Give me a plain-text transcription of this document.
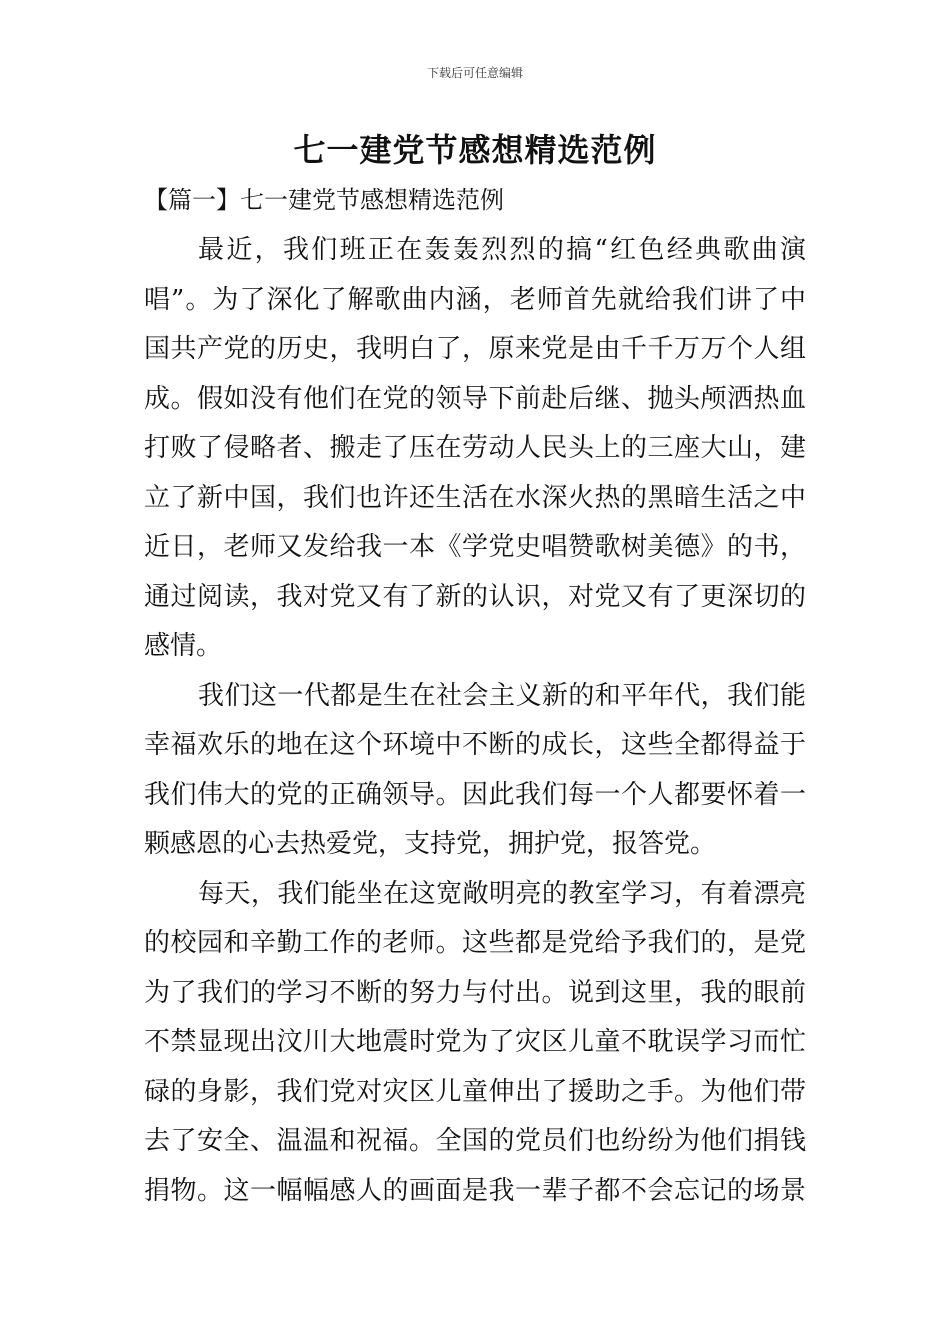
下载后可任意编辑
七一建党节感想精选范例
【篇一】七一建党节感想精选范例
最近，我们班正在轰轰烈烈的搞“红色经典歌曲演
唱”。为了深化了解歌曲内涵，老师首先就给我们讲了中
国共产党的历史，我明白了，原来党是由千千万万个人组
成。假如没有他们在党的领导下前赴后继、抛头颅洒热血
打败了侵略者、搬走了压在劳动人民头上的三座大山，建
立了新中国，我们也许还生活在水深火热的黑暗生活之中
近日，老师又发给我一本《学党史唱赞歌树美德》的书，
通过阅读，我对党又有了新的认识，对党又有了更深切的
感情。
我们这一代都是生在社会主义新的和平年代，我们能
幸福欢乐的地在这个环境中不断的成长，这些全都得益于
我们伟大的党的正确领导。因此我们每一个人都要怀着一
颗感恩的心去热爱党，支持党，拥护党，报答党。
每天，我们能坐在这宽敞明亮的教室学习，有着漂亮
的校园和辛勤工作的老师。这些都是党给予我们的，是党
为了我们的学习不断的努力与付出。说到这里，我的眼前
不禁显现出汶川大地震时党为了灾区儿童不耽误学习而忙
碌的身影，我们党对灾区儿童伸出了援助之手。为他们带
去了安全、温温和祝福。全国的党员们也纷纷为他们捐钱
捐物。这一幅幅感人的画面是我一辈子都不会忘记的场景
